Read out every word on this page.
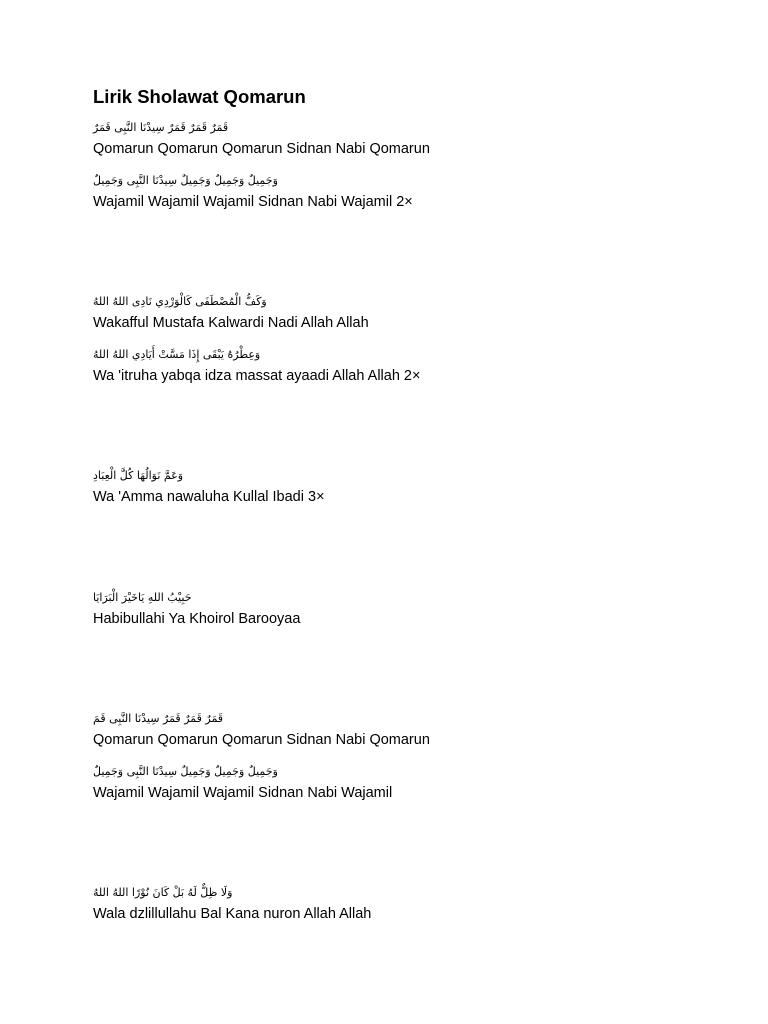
Lirik Sholawat Qomarun
قَمَرٌ قَمَرٌ قَمَرٌ سِيدْنَا النَّبِى قَمَرٌ
Qomarun Qomarun Qomarun Sidnan Nabi Qomarun
وَجَمِيلٌ وَجَمِيلٌ وَجَمِيلٌ سِيدْنَا النَّبِى وَجَمِيلٌ
Wajamil Wajamil Wajamil Sidnan Nabi Wajamil 2×
وَكَفُّ الْمُصْطَفَى كَالْوَرْدِي نَادِى اللهُ اللهُ
Wakafful Mustafa Kalwardi Nadi Allah Allah
وَعِطْرُهُ يَبْقَى إِذَا مَسَّتْ أَيَادِي اللهُ اللهُ
Wa 'itruha yabqa idza massat ayaadi Allah Allah 2×
وَعَمَّ نَوَالُهَا كُلَّ الْعِبَادِ
Wa 'Amma nawaluha Kullal Ibadi 3×
حَبِيْبُ اللهِ يَاخَيْرَ الْبَرَايَا
Habibullahi Ya Khoirol Barooyaa
قَمَرٌ قَمَرٌ قَمَرٌ سِيدْنَا النَّبِى قَمَ
Qomarun Qomarun Qomarun Sidnan Nabi Qomarun
وَجَمِيلٌ وَجَمِيلٌ وَجَمِيلٌ سِيدْنَا النَّبِى وَجَمِيلٌ
Wajamil Wajamil Wajamil Sidnan Nabi Wajamil
وَلَا ظِلٌّ لَهُ بَلْ كَانَ نُوْرًا اللهُ اللهُ
Wala dzlillullahu Bal Kana nuron Allah Allah
